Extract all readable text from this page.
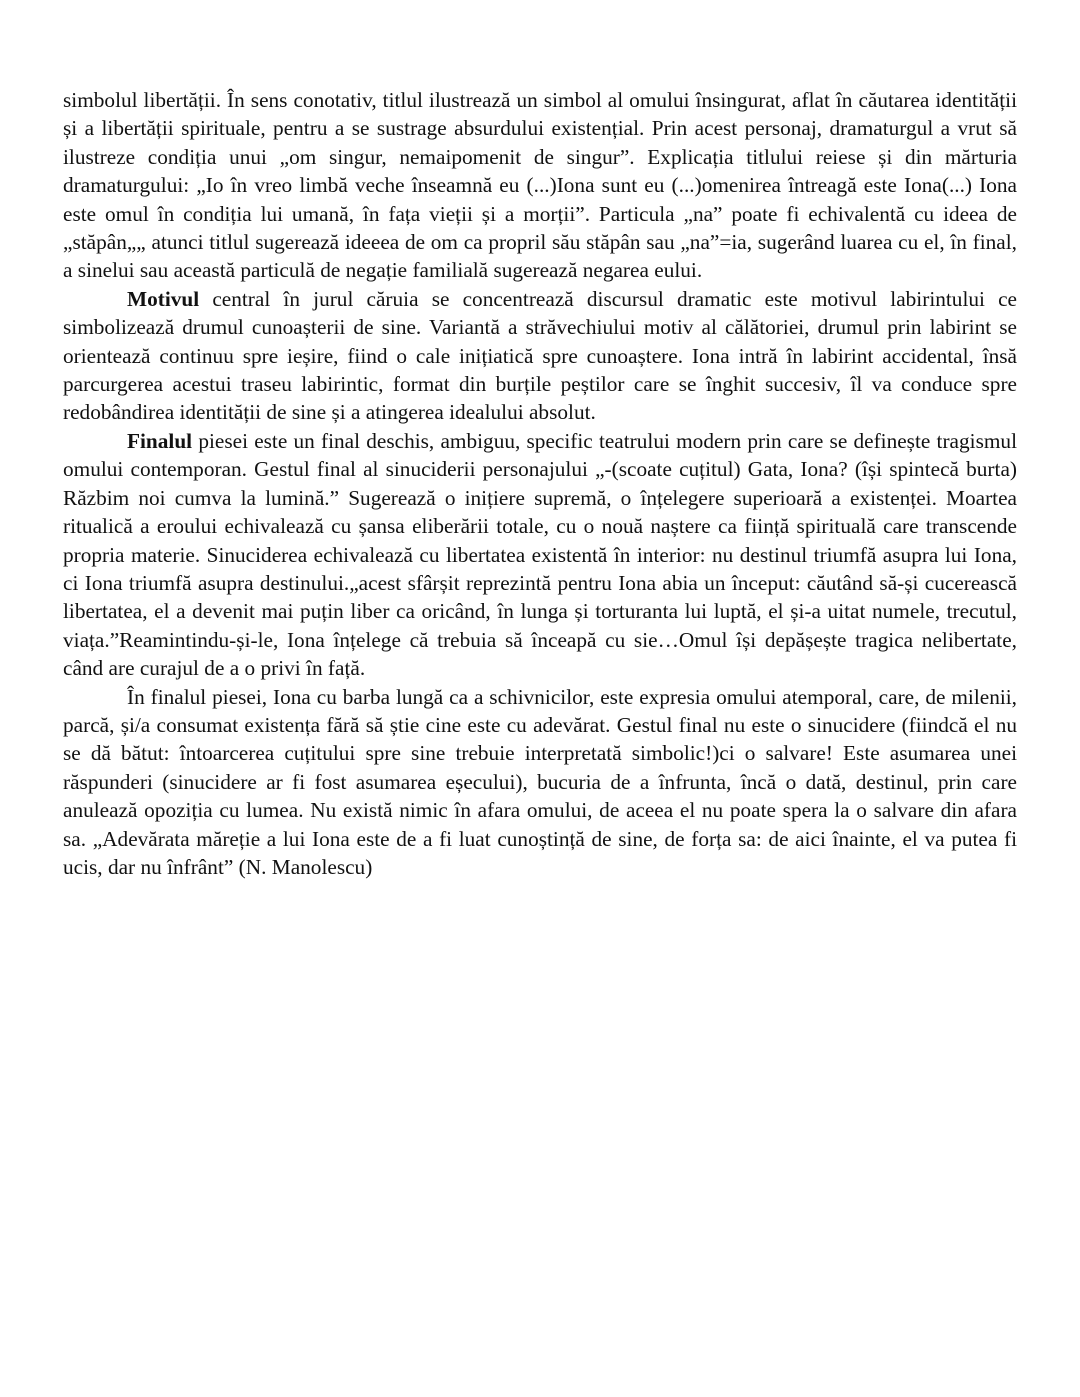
simbolul libertății. În sens conotativ, titlul ilustrează un simbol al omului însingurat, aflat în căutarea identității și a libertății spirituale, pentru a se sustrage absurdului existențial. Prin acest personaj, dramaturgul a vrut să ilustreze condiția unui „om singur, nemaipomenit de singur”. Explicația titlului reiese și din mărturia dramaturgului: „Io în vreo limbă veche înseamnă eu (...)Iona sunt eu (...)omenirea întreagă este Iona(...) Iona este omul în condiția lui umană, în fața vieții și a morții”. Particula „na” poate fi echivalentă cu ideea de „stăpân„„ atunci titlul sugerează ideeea de om ca propril său stăpân sau „na”=ia, sugerând luarea cu el, în final, a sinelui sau această particulă de negație familială sugerează negarea eului.

Motivul central în jurul căruia se concentrează discursul dramatic este motivul labirintului ce simbolizează drumul cunoașterii de sine. Variantă a străvechiului motiv al călătoriei, drumul prin labirint se orientează continuu spre ieșire, fiind o cale inițiatică spre cunoaștere. Iona intră în labirint accidental, însă parcurgerea acestui traseu labirintic, format din burțile peștilor care se înghit succesiv, îl va conduce spre redobândirea identității de sine și a atingerea idealului absolut.

Finalul piesei este un final deschis, ambiguu, specific teatrului modern prin care se definește tragismul omului contemporan. Gestul final al sinuciderii personajului „-(scoate cuțitul) Gata, Iona? (își spintecă burta) Răzbim noi cumva la lumină.” Sugerează o inițiere supremă, o înțelegere superioară a existenței. Moartea ritualică a eroului echivalează cu șansa eliberării totale, cu o nouă naștere ca ființă spirituală care transcende propria materie. Sinuciderea echivalează cu libertatea existentă în interior: nu destinul triumfă asupra lui Iona, ci Iona triumfă asupra destinului.„acest sfârșit reprezintă pentru Iona abia un început: căutând să-și cucerească libertatea, el a devenit mai puțin liber ca oricând, în lunga și torturanta lui luptă, el și-a uitat numele, trecutul, viața.”Reamintindu-și-le, Iona înțelege că trebuia să înceapă cu sie…Omul își depășește tragica nelibertate, când are curajul de a o privi în față.

În finalul piesei, Iona cu barba lungă ca a schivnicilor, este expresia omului atemporal, care, de milenii, parcă, și/a consumat existența fără să știe cine este cu adevărat. Gestul final nu este o sinucidere (fiindcă el nu se dă bătut: întoarcerea cuțitului spre sine trebuie interpretată simbolic!)ci o salvare! Este asumarea unei răspunderi (sinucidere ar fi fost asumarea eșecului), bucuria de a înfrunta, încă o dată, destinul, prin care anulează opoziția cu lumea. Nu există nimic în afara omului, de aceea el nu poate spera la o salvare din afara sa. „Adevărata măreție a lui Iona este de a fi luat cunoștință de sine, de forța sa: de aici înainte, el va putea fi ucis, dar nu înfrânt” (N. Manolescu)
